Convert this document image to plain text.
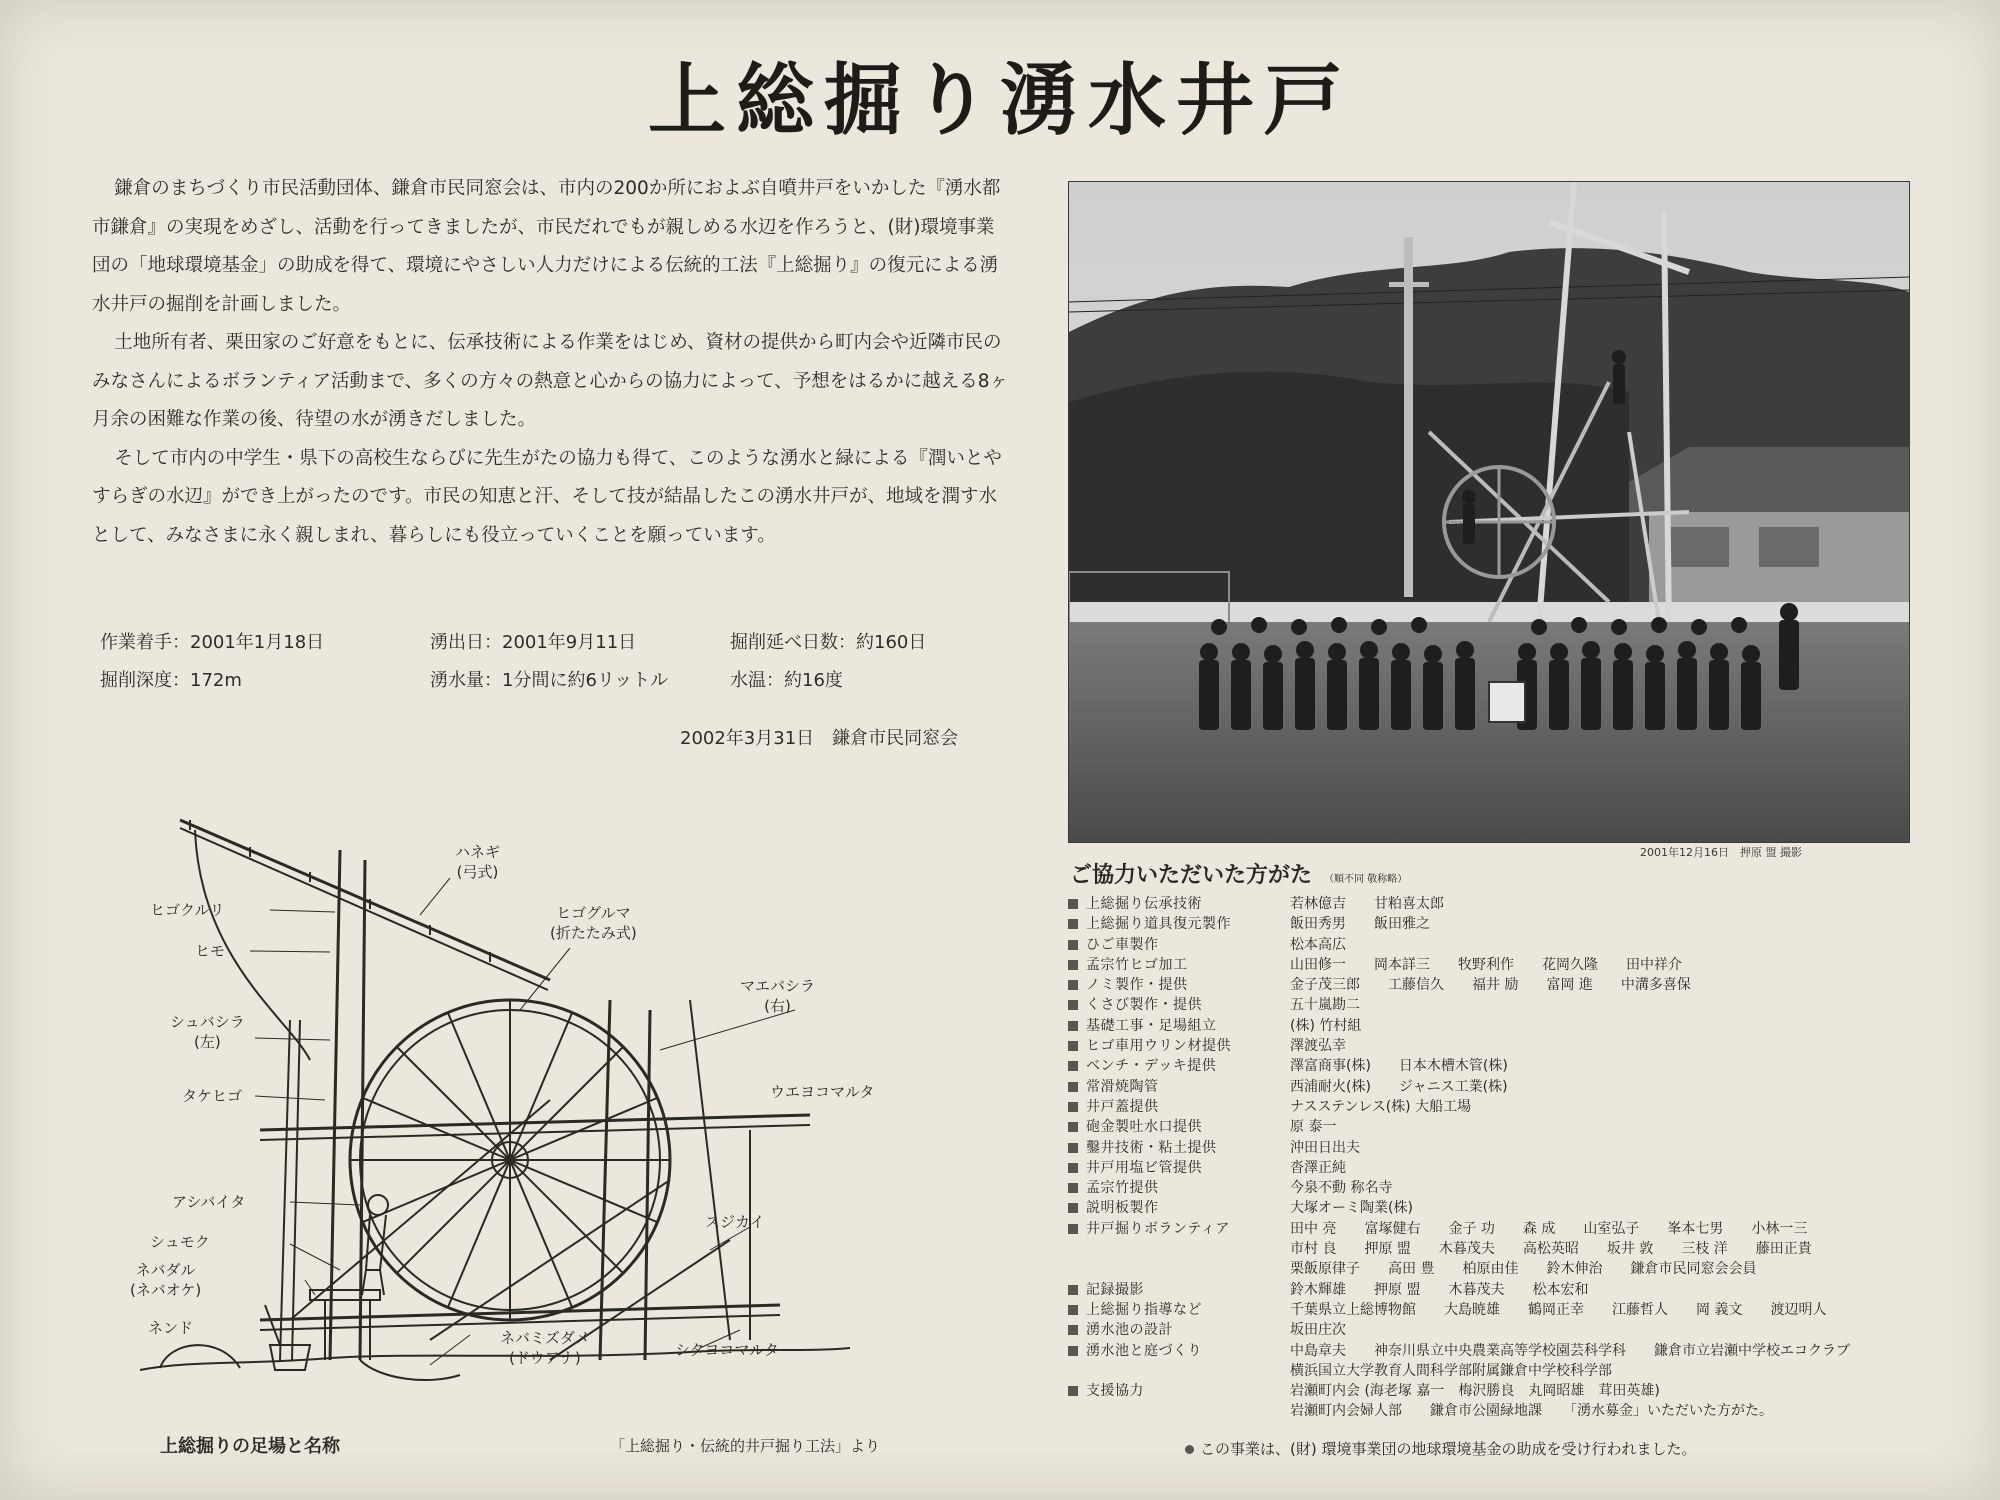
上総掘り湧水井戸

鎌倉のまちづくり市民活動団体、鎌倉市民同窓会は、市内の200か所におよぶ自噴井戸をいかした『湧水都市鎌倉』の実現をめざし、活動を行ってきましたが、市民だれでもが親しめる水辺を作ろうと、(財)環境事業団の「地球環境基金」の助成を得て、環境にやさしい人力だけによる伝統的工法『上総掘り』の復元による湧水井戸の掘削を計画しました。

土地所有者、栗田家のご好意をもとに、伝承技術による作業をはじめ、資材の提供から町内会や近隣市民のみなさんによるボランティア活動まで、多くの方々の熱意と心からの協力によって、予想をはるかに越える8ヶ月余の困難な作業の後、待望の水が湧きだしました。

そして市内の中学生・県下の高校生ならびに先生がたの協力も得て、このような湧水と緑による『潤いとやすらぎの水辺』ができ上がったのです。市民の知恵と汗、そして技が結晶したこの湧水井戸が、地域を潤す水として、みなさまに永く親しまれ、暮らしにも役立っていくことを願っています。

作業着手：2001年1月18日	湧出日：2001年9月11日	掘削延べ日数：約160日
掘削深度：172m	湧水量：1分間に約6リットル	水温：約16度
2002年3月31日　鎌倉市民同窓会
2001年12月16日　押原 盟 撮影
ご協力いただいた方がた （順不同 敬称略）
上総掘り伝承技術	若林億吉　　甘粕喜太郎
上総掘り道具復元製作	飯田秀男　　飯田雅之
ひご車製作	松本高広
孟宗竹ヒゴ加工	山田修一　　岡本詳三　　牧野利作　　花岡久隆　　田中祥介
ノミ製作・提供	金子茂三郎　　工藤信久　　福井 励　　富岡 進　　中溝多喜保
くさび製作・提供	五十嵐勘二
基礎工事・足場組立	(株) 竹村組
ヒゴ車用ウリン材提供	澤渡弘幸
ベンチ・デッキ提供	澤富商事(株)　　日本木槽木管(株)
常滑焼陶管	西浦耐火(株)　　ジャニス工業(株)
井戸蓋提供	ナスステンレス(株) 大船工場
砲金製吐水口提供	原 泰一
鑿井技術・粘土提供	沖田日出夫
井戸用塩ビ管提供	沓澤正純
孟宗竹提供	今泉不動 称名寺
説明板製作	大塚オーミ陶業(株)
井戸掘りボランティア	田中 亮　　富塚健右　　金子 功　　森 成　　山室弘子　　峯本七男　　小林一三
市村 良　　押原 盟　　木暮茂夫　　高松英昭　　坂井 敦　　三枝 洋　　藤田正貴
栗飯原律子　　高田 豊　　柏原由佳　　鈴木伸治　　鎌倉市民同窓会会員
記録撮影	鈴木輝雄　　押原 盟　　木暮茂夫　　松本宏和
上総掘り指導など	千葉県立上総博物館　　大島暁雄　　鶴岡正幸　　江藤哲人　　岡 義文　　渡辺明人
湧水池の設計	坂田庄次
湧水池と庭づくり	中島章夫　　神奈川県立中央農業高等学校園芸科学科　　鎌倉市立岩瀬中学校エコクラブ
横浜国立大学教育人間科学部附属鎌倉中学校科学部
支援協力	岩瀬町内会 (海老塚 嘉一　梅沢勝良　丸岡昭雄　茸田英雄)
岩瀬町内会婦人部　　鎌倉市公園緑地課　　「湧水募金」いただいた方がた。
この事業は、(財) 環境事業団の地球環境基金の助成を受け行われました。
ハネギ
(弓式)
ヒゴクルリ
ヒモ
ヒゴグルマ
(折たたみ式)
マエバシラ
(右)
シュバシラ
(左)
タケヒゴ	ウエヨコマルタ
アシバイタ
シュモク
スジカイ
ネバダル
(ネバオケ)
ネンド
ネバミズダメ
(ドウアナ)	シタヨコマルタ
上総掘りの足場と名称	「上総掘り・伝統的井戸掘り工法」より
